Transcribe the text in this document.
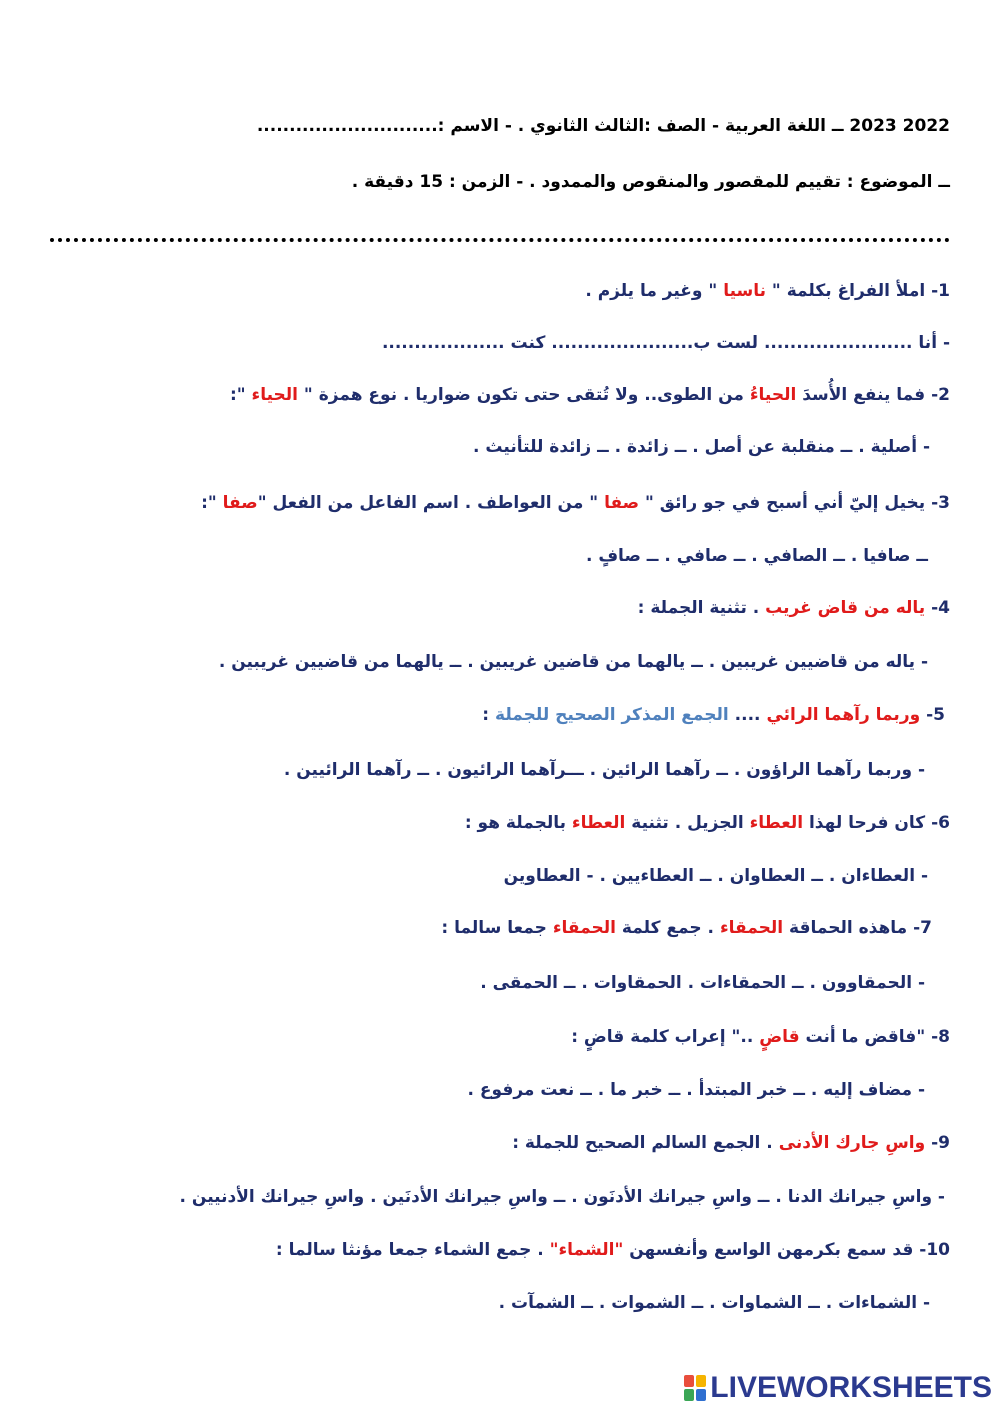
2022 2023 ــ اللغة العربية - الصف :الثالث الثانوي . - الاسم :............................
ــ الموضوع : تقييم للمقصور والمنقوص والممدود . - الزمن : 15 دقيقة .
1- املأ الفراغ بكلمة " ناسيا " وغير ما يلزم .
- أنا ....................... لست ب...................... كنت ...................
2- فما ينفع الأُسدَ الحياءُ من الطوى.. ولا تُتقى حتى تكون ضواريا . نوع همزة " الحياء ":
- أصلية . ــ منقلبة عن أصل . ــ زائدة . ــ زائدة للتأنيث .
3- يخيل إليّ أني أسبح في جو رائق " صفا " من العواطف . اسم الفاعل من الفعل "صفا ":
ــ صافيا . ــ الصافي . ــ صافي . ــ صافٍ .
4- ياله من قاض غريب . تثنية الجملة :
- ياله من قاضيين غريبين . ــ يالهما من قاضين غريبين . ــ يالهما من قاضيين غريبين .
5- وربما رآهما الرائي .... الجمع المذكر الصحيح للجملة :
- وربما رآهما الراؤون . ــ رآهما الرائين . ـــرآهما الرائيون . ــ رآهما الرائيين .
6- كان فرحا لهذا العطاء الجزيل . تثنية العطاء بالجملة هو :
- العطاءان . ــ العطاوان . ــ العطاءيين . - العطاوين
7- ماهذه الحماقة الحمقاء . جمع كلمة الحمقاء جمعا سالما :
- الحمقاوون . ــ الحمقاءات . الحمقاوات . ــ الحمقى .
8- "فاقض ما أنت قاضٍ .." إعراب كلمة قاضٍ :
- مضاف إليه . ــ خبر المبتدأ . ــ خبر ما . ــ نعت مرفوع .
9- واسِ جارك الأدنى . الجمع السالم الصحيح للجملة :
- واسِ جيرانك الدنا . ــ واسِ جيرانك الأدنَون . ــ واسِ جيرانك الأدنَين . واسِ جيرانك الأدنيين .
10- قد سمع بكرمهن الواسع وأنفسهن "الشماء" . جمع الشماء جمعا مؤنثا سالما :
- الشماءات . ــ الشماوات . ــ الشموات . ــ الشمآت .
LIVEWORKSHEETS
